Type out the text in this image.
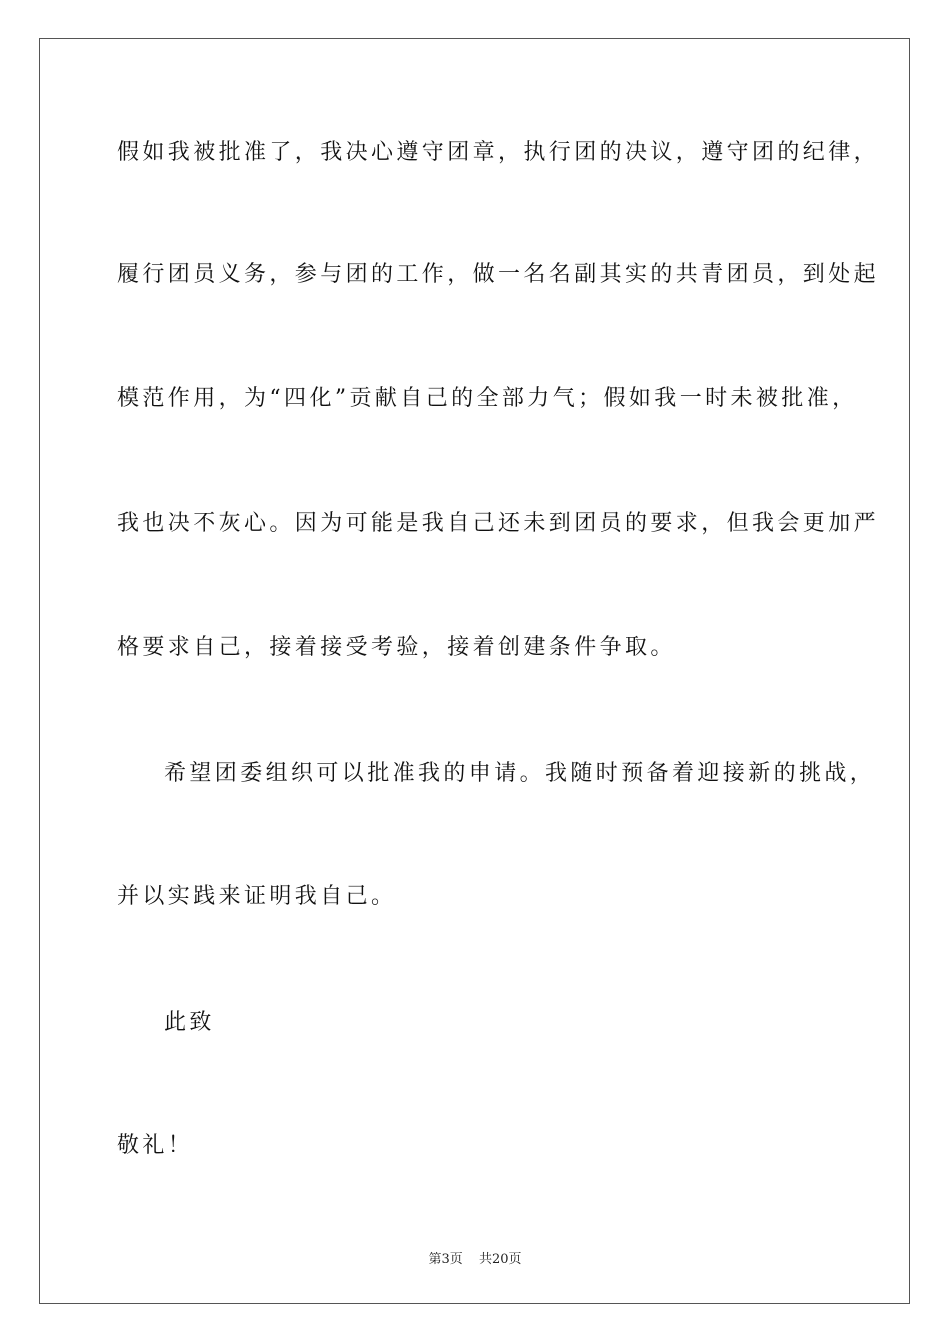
假如我被批准了，我决心遵守团章，执行团的决议，遵守团的纪律，
履行团员义务，参与团的工作，做一名名副其实的共青团员，到处起
模范作用，为“四化”贡献自己的全部力气；假如我一时未被批准，
我也决不灰心。因为可能是我自己还未到团员的要求，但我会更加严
格要求自己，接着接受考验，接着创建条件争取。
希望团委组织可以批准我的申请。我随时预备着迎接新的挑战，
并以实践来证明我自己。
此致
敬礼！
第3页 共20页
